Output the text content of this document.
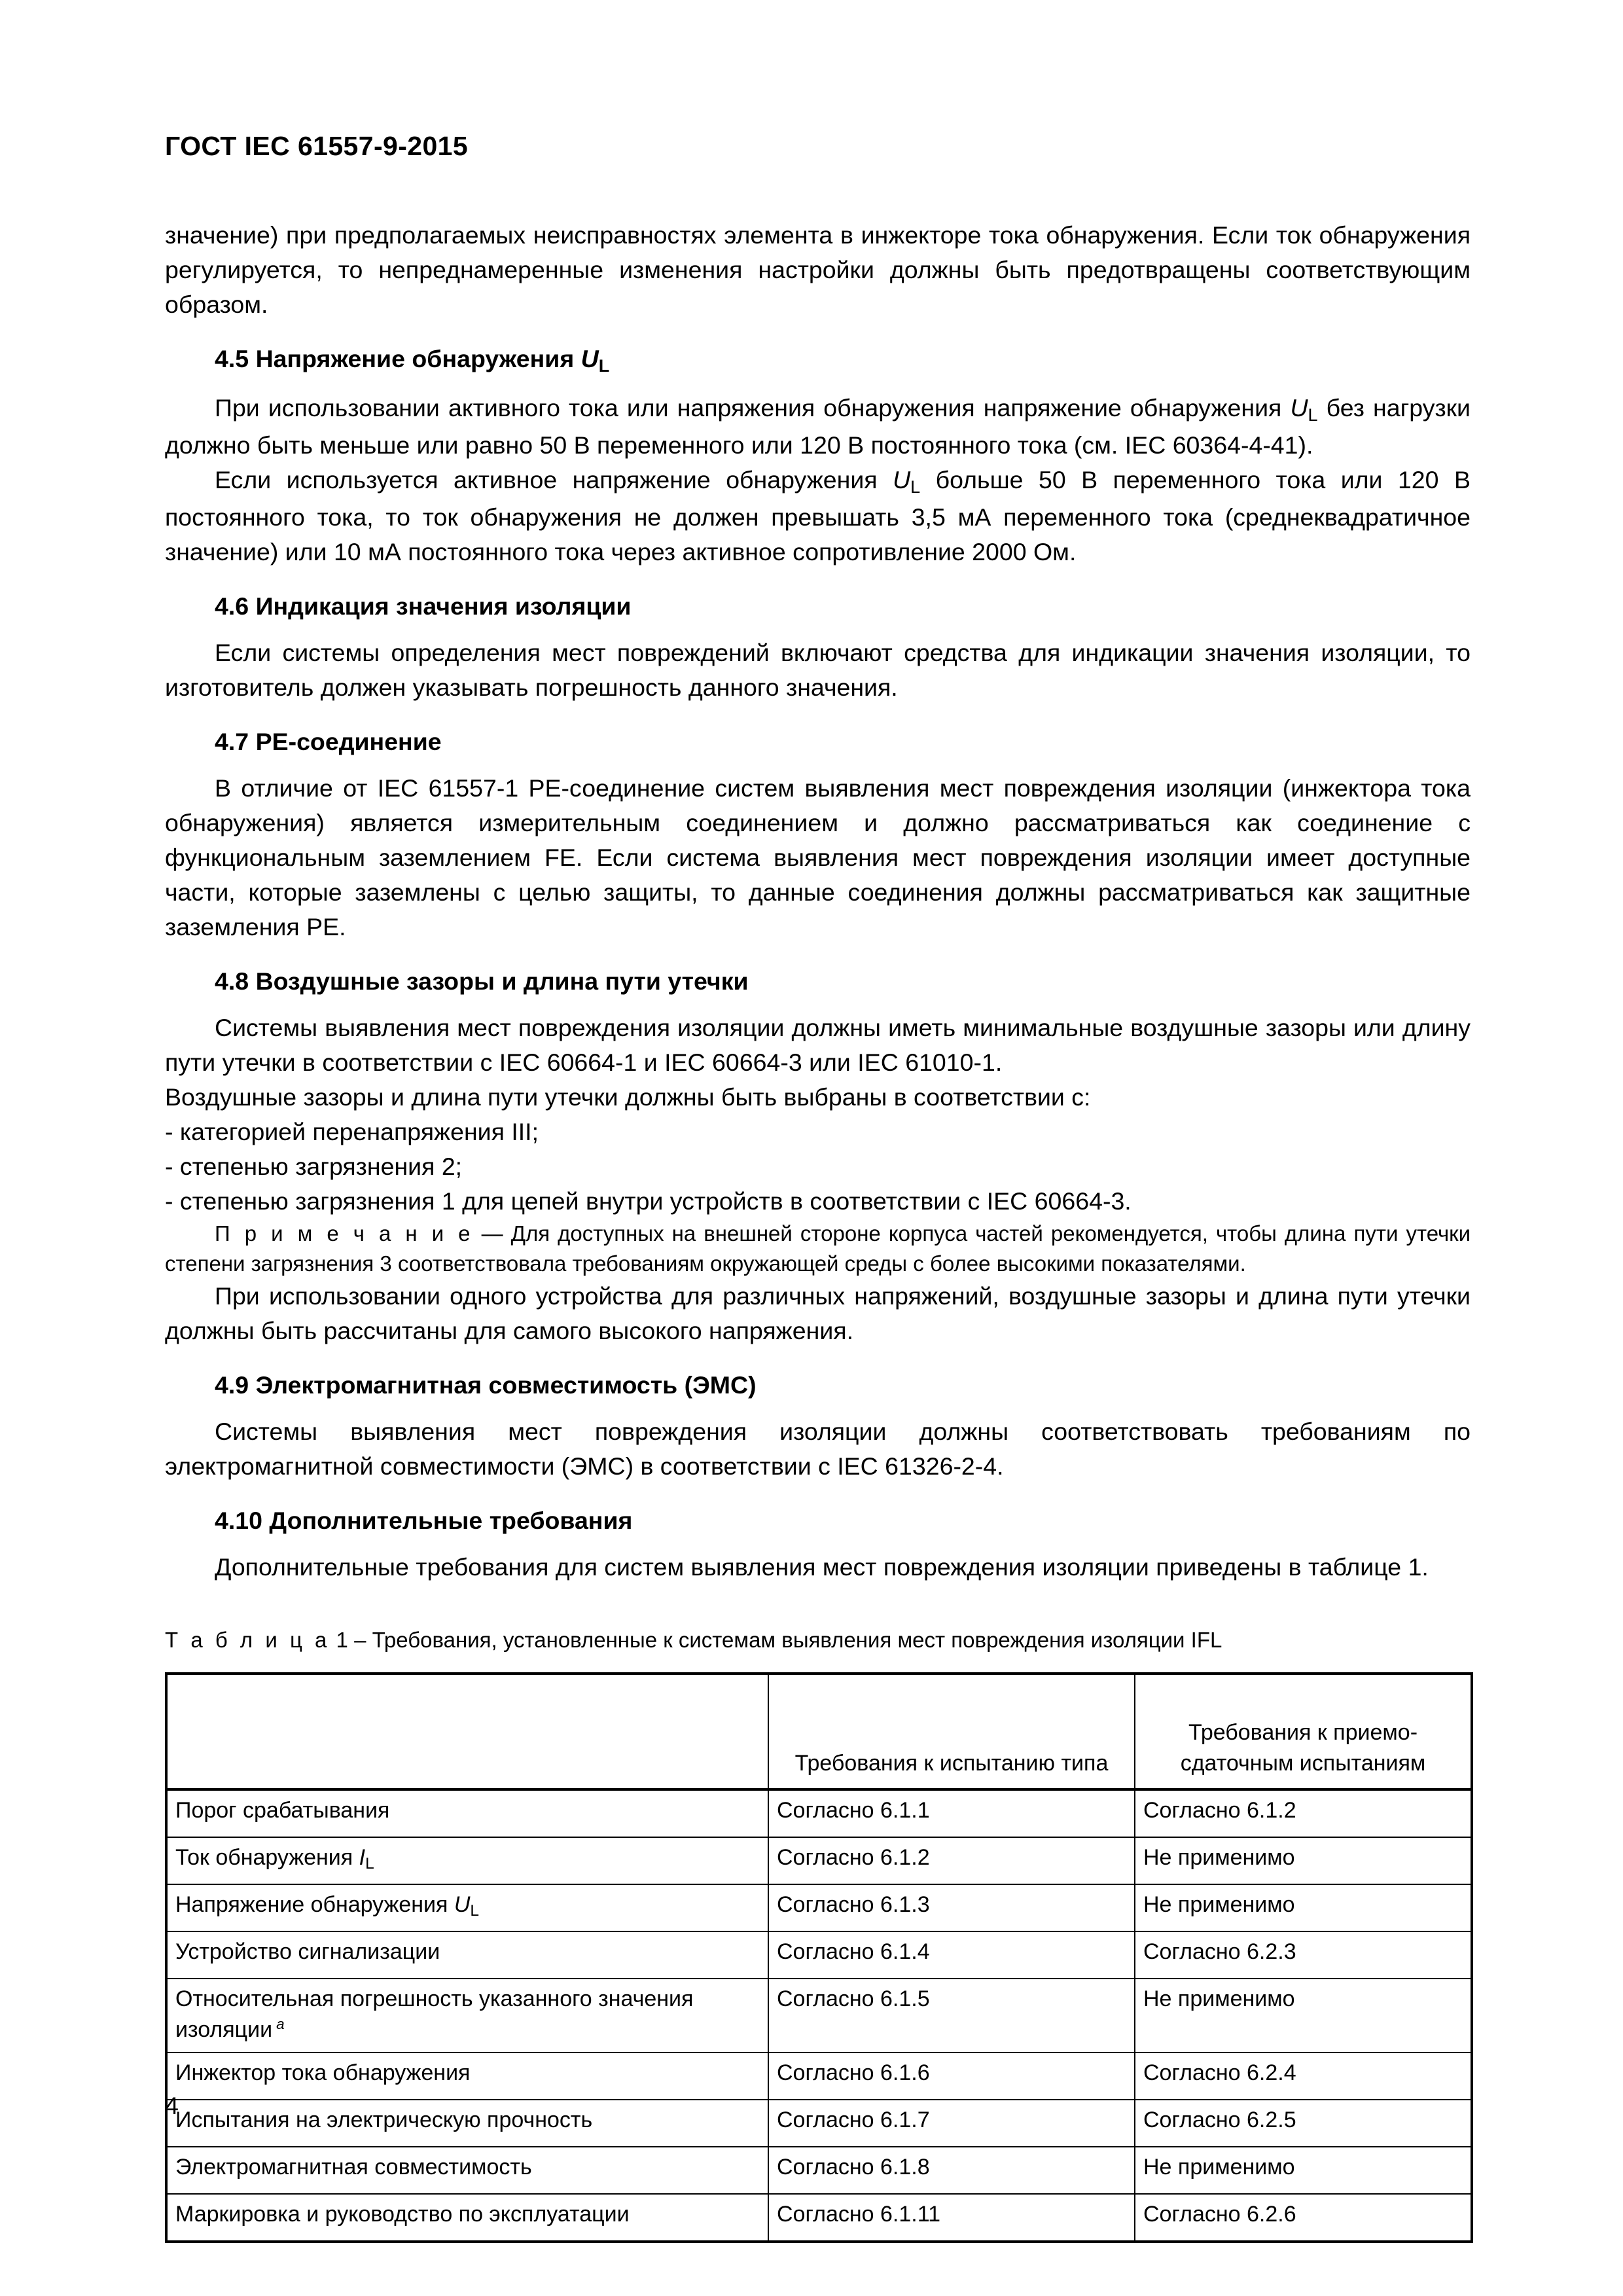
ГОСТ IEC 61557-9-2015

значение) при предполагаемых неисправностях элемента в инжекторе тока обнаружения. Если ток обнаружения регулируется, то непреднамеренные изменения настройки должны быть предотвращены соответствующим образом.

4.5 Напряжение обнаружения $U_L$

При использовании активного тока или напряжения обнаружения напряжение обнаружения $U_L$ без нагрузки должно быть меньше или равно 50 В переменного или 120 В постоянного тока (см. IEC 60364-4-41).

Если используется активное напряжение обнаружения $U_L$ больше 50 В переменного тока или 120 В постоянного тока, то ток обнаружения не должен превышать 3,5 мА переменного тока (среднеквадратичное значение) или 10 мА постоянного тока через активное сопротивление 2000 Ом.

4.6 Индикация значения изоляции

Если системы определения мест повреждений включают средства для индикации значения изоляции, то изготовитель должен указывать погрешность данного значения.

4.7 PE-соединение

В отличие от IEC 61557-1 PE-соединение систем выявления мест повреждения изоляции (инжектора тока обнаружения) является измерительным соединением и должно рассматриваться как соединение с функциональным заземлением FE. Если система выявления мест повреждения изоляции имеет доступные части, которые заземлены с целью защиты, то данные соединения должны рассматриваться как защитные заземления PE.

4.8 Воздушные зазоры и длина пути утечки

Системы выявления мест повреждения изоляции должны иметь минимальные воздушные зазоры или длину пути утечки в соответствии с IEC 60664-1 и IEC 60664-3 или IEC 61010-1.

Воздушные зазоры и длина пути утечки должны быть выбраны в соответствии с:

- категорией перенапряжения III;

- степенью загрязнения 2;

- степенью загрязнения 1 для цепей внутри устройств в соответствии с IEC 60664-3.

П р и м е ч а н и е — Для доступных на внешней стороне корпуса частей рекомендуется, чтобы длина пути утечки степени загрязнения 3 соответствовала требованиям окружающей среды с более высокими показателями.

При использовании одного устройства для различных напряжений, воздушные зазоры и длина пути утечки должны быть рассчитаны для самого высокого напряжения.

4.9 Электромагнитная совместимость (ЭМС)

Системы выявления мест повреждения изоляции должны соответствовать требованиям по электромагнитной совместимости (ЭМС) в соответствии с IEC 61326-2-4.

4.10 Дополнительные требования

Дополнительные требования для систем выявления мест повреждения изоляции приведены в таблице 1.

Т а б л и ц а 1 – Требования, установленные к системам выявления мест повреждения изоляции IFL
	Требования к испытанию типа	Требования к приемо-сдаточным испытаниям
Порог срабатывания	Согласно 6.1.1	Согласно 6.1.2
Ток обнаружения $I_L$	Согласно 6.1.2	Не применимо
Напряжение обнаружения $U_L$	Согласно 6.1.3	Не применимо
Устройство сигнализации	Согласно 6.1.4	Согласно 6.2.3
Относительная погрешность указанного значения изоляции $^a$	Согласно 6.1.5	Не применимо
Инжектор тока обнаружения	Согласно 6.1.6	Согласно 6.2.4
Испытания на электрическую прочность	Согласно 6.1.7	Согласно 6.2.5
Электромагнитная совместимость	Согласно 6.1.8	Не применимо
Маркировка и руководство по эксплуатации	Согласно 6.1.11	Согласно 6.2.6
4
